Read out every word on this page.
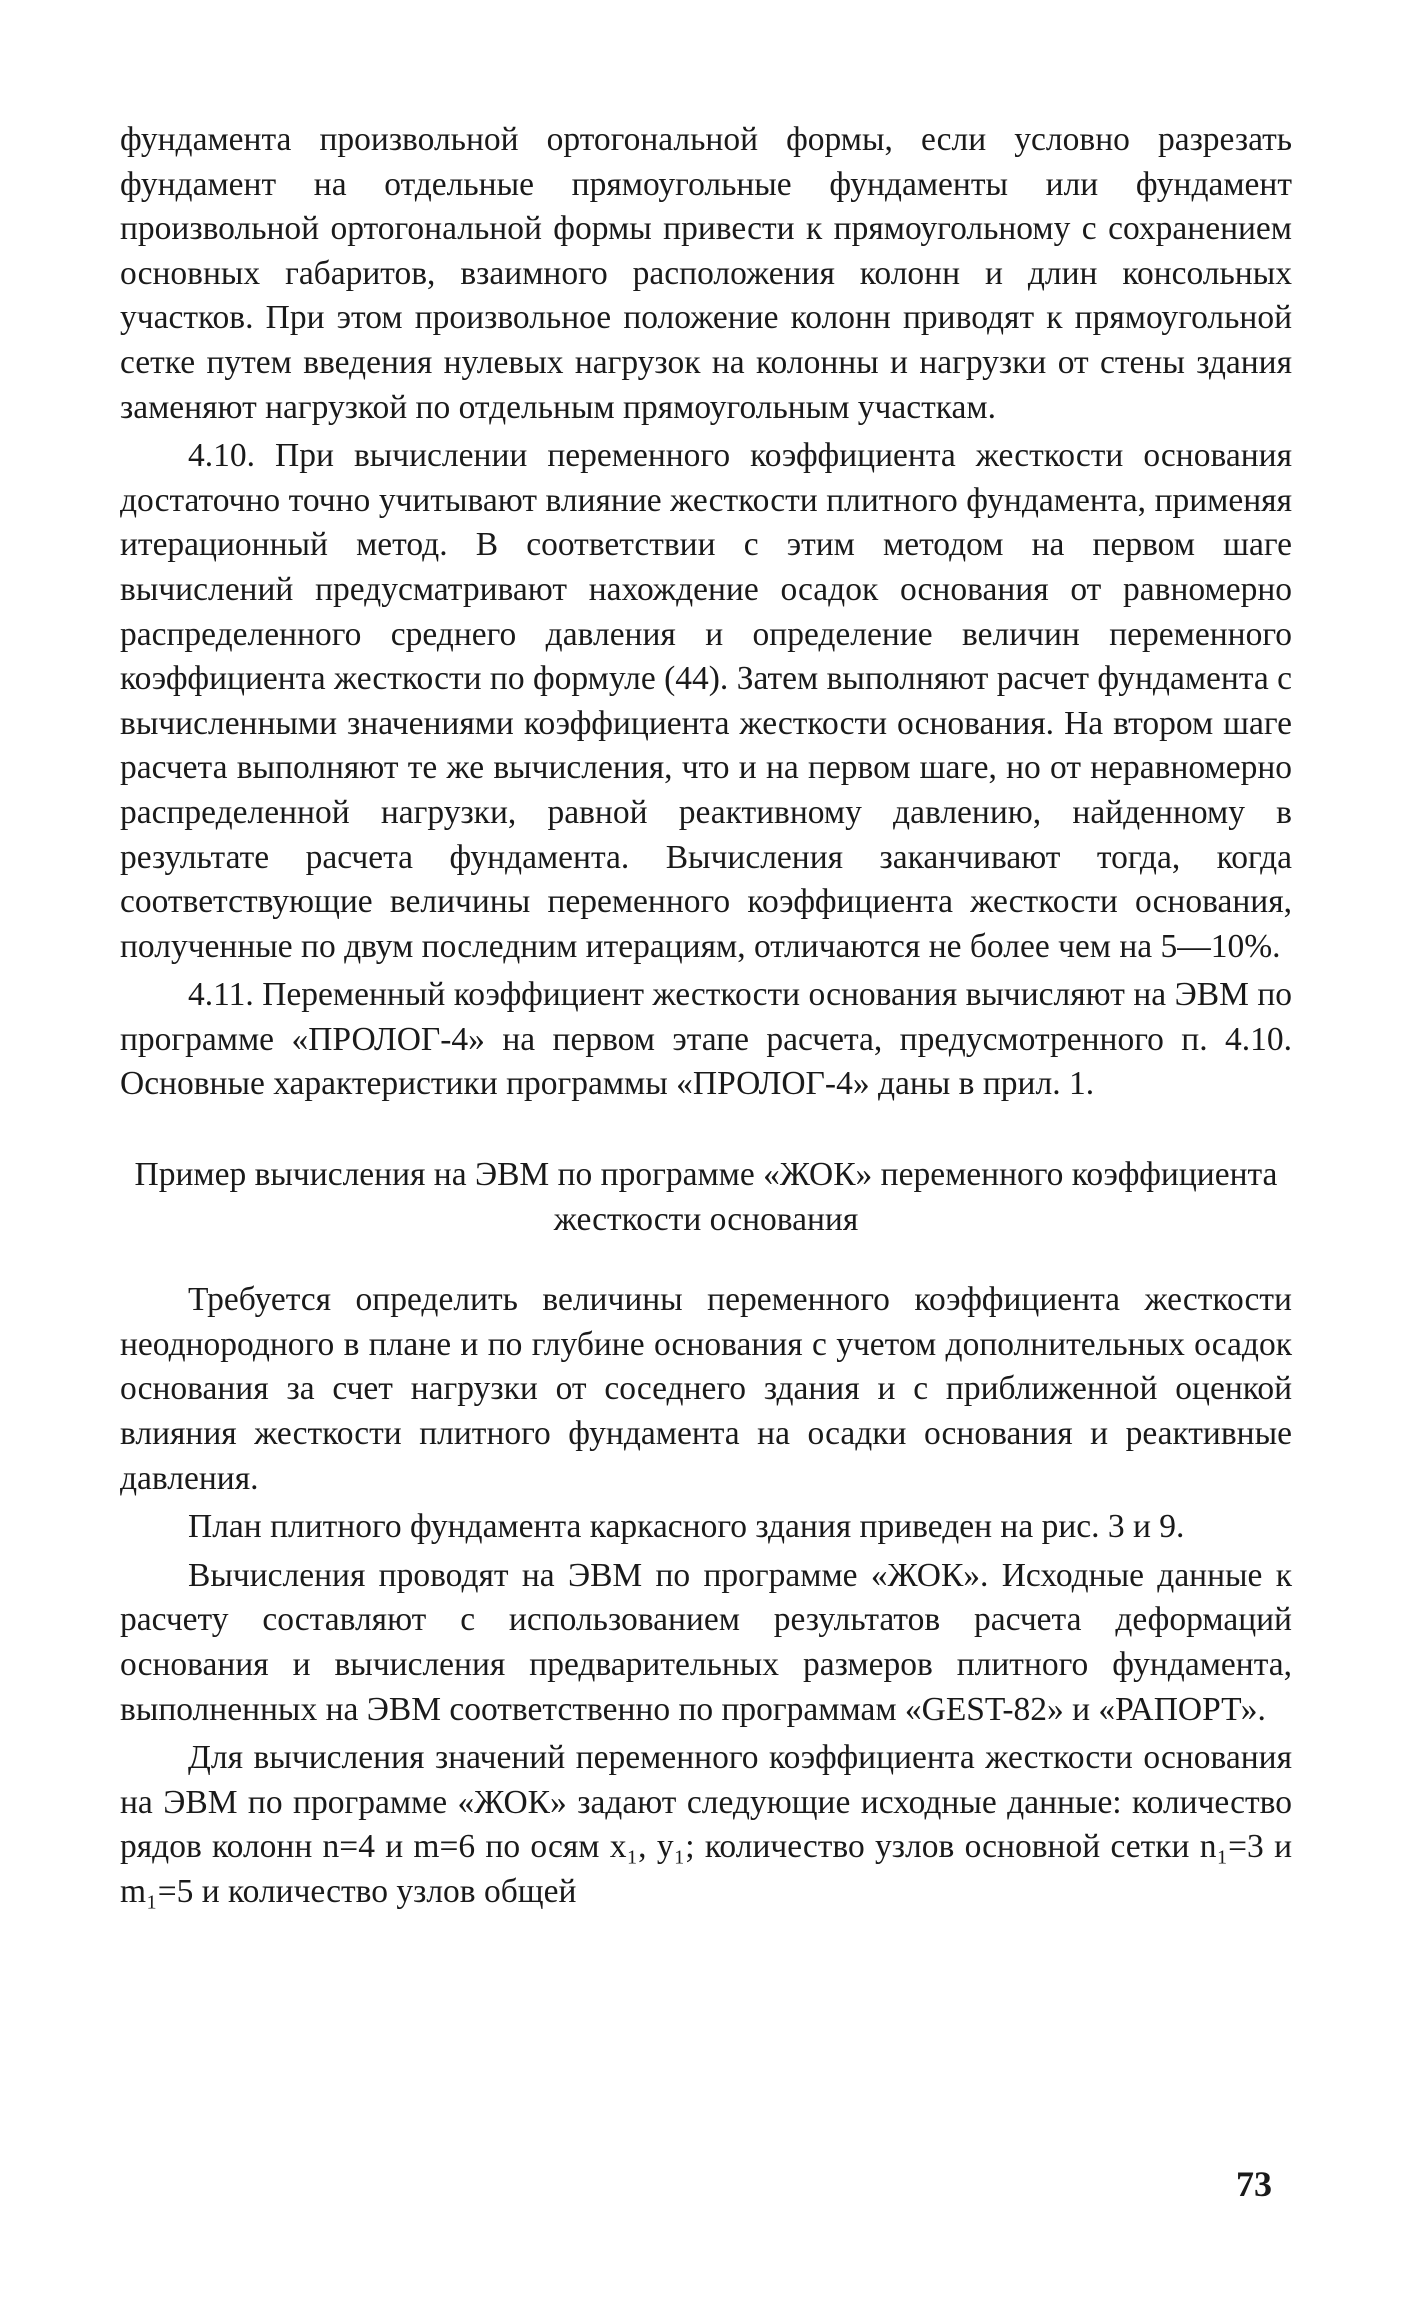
фундамента произвольной ортогональной формы, если условно разрезать фундамент на отдельные прямоугольные фундаменты или фундамент произвольной ортогональной формы привести к прямоугольному с сохранением основных габаритов, взаимного расположения колонн и длин консольных участков. При этом произвольное положение колонн приводят к прямоугольной сетке путем введения нулевых нагрузок на колонны и нагрузки от стены здания заменяют нагрузкой по отдельным прямоугольным участкам.

4.10. При вычислении переменного коэффициента жесткости основания достаточно точно учитывают влияние жесткости плитного фундамента, применяя итерационный метод. В соответствии с этим методом на первом шаге вычислений предусматривают нахождение осадок основания от равномерно распределенного среднего давления и определение величин переменного коэффициента жесткости по формуле (44). Затем выполняют расчет фундамента с вычисленными значениями коэффициента жесткости основания. На втором шаге расчета выполняют те же вычисления, что и на первом шаге, но от неравномерно распределенной нагрузки, равной реактивному давлению, найденному в результате расчета фундамента. Вычисления заканчивают тогда, когда соответствующие величины переменного коэффициента жесткости основания, полученные по двум последним итерациям, отличаются не более чем на 5—10%.

4.11. Переменный коэффициент жесткости основания вычисляют на ЭВМ по программе «ПРОЛОГ-4» на первом этапе расчета, предусмотренного п. 4.10. Основные характеристики программы «ПРОЛОГ-4» даны в прил. 1.

Пример вычисления на ЭВМ по программе «ЖОК» переменного коэффициента жесткости основания

Требуется определить величины переменного коэффициента жесткости неоднородного в плане и по глубине основания с учетом дополнительных осадок основания за счет нагрузки от соседнего здания и с приближенной оценкой влияния жесткости плитного фундамента на осадки основания и реактивные давления.

План плитного фундамента каркасного здания приведен на рис. 3 и 9.

Вычисления проводят на ЭВМ по программе «ЖОК». Исходные данные к расчету составляют с использованием результатов расчета деформаций основания и вычисления предварительных размеров плитного фундамента, выполненных на ЭВМ соответственно по программам «GEST-82» и «РАПОРТ».

Для вычисления значений переменного коэффициента жесткости основания на ЭВМ по программе «ЖОК» задают следующие исходные данные: количество рядов колонн n=4 и m=6 по осям x₁, y₁; количество узлов основной сетки n₁=3 и m₁=5 и количество узлов общей

73
